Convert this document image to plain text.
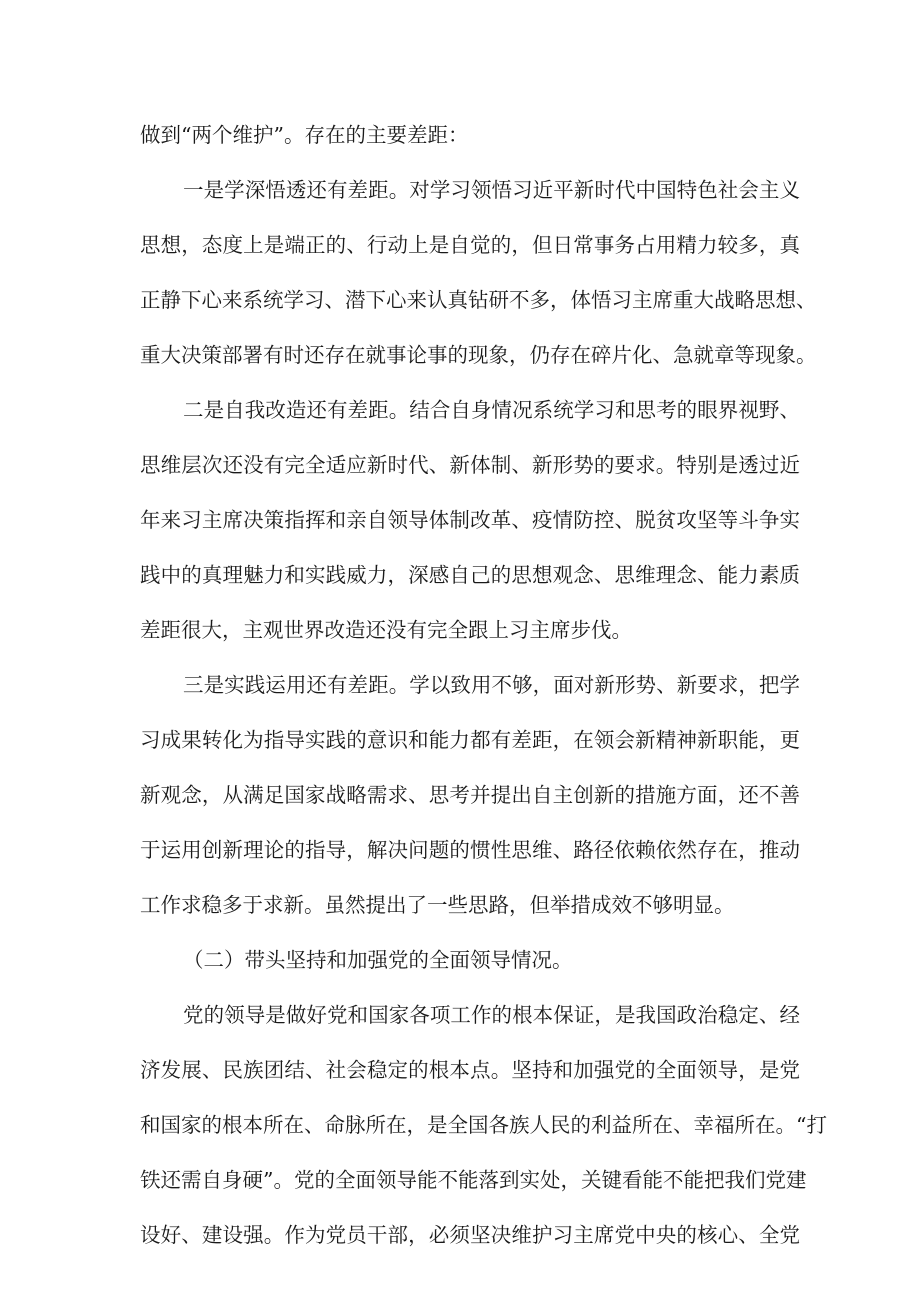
做到“两个维护”。存在的主要差距：
一是学深悟透还有差距。对学习领悟习近平新时代中国特色社会主义
思想，态度上是端正的、行动上是自觉的，但日常事务占用精力较多，真
正静下心来系统学习、潜下心来认真钻研不多，体悟习主席重大战略思想、
重大决策部署有时还存在就事论事的现象，仍存在碎片化、急就章等现象。
二是自我改造还有差距。结合自身情况系统学习和思考的眼界视野、
思维层次还没有完全适应新时代、新体制、新形势的要求。特别是透过近
年来习主席决策指挥和亲自领导体制改革、疫情防控、脱贫攻坚等斗争实
践中的真理魅力和实践威力，深感自己的思想观念、思维理念、能力素质
差距很大，主观世界改造还没有完全跟上习主席步伐。
三是实践运用还有差距。学以致用不够，面对新形势、新要求，把学
习成果转化为指导实践的意识和能力都有差距，在领会新精神新职能，更
新观念，从满足国家战略需求、思考并提出自主创新的措施方面，还不善
于运用创新理论的指导，解决问题的惯性思维、路径依赖依然存在，推动
工作求稳多于求新。虽然提出了一些思路，但举措成效不够明显。
（二）带头坚持和加强党的全面领导情况。
党的领导是做好党和国家各项工作的根本保证，是我国政治稳定、经
济发展、民族团结、社会稳定的根本点。坚持和加强党的全面领导，是党
和国家的根本所在、命脉所在，是全国各族人民的利益所在、幸福所在。“打
铁还需自身硬”。党的全面领导能不能落到实处，关键看能不能把我们党建
设好、建设强。作为党员干部，必须坚决维护习主席党中央的核心、全党
